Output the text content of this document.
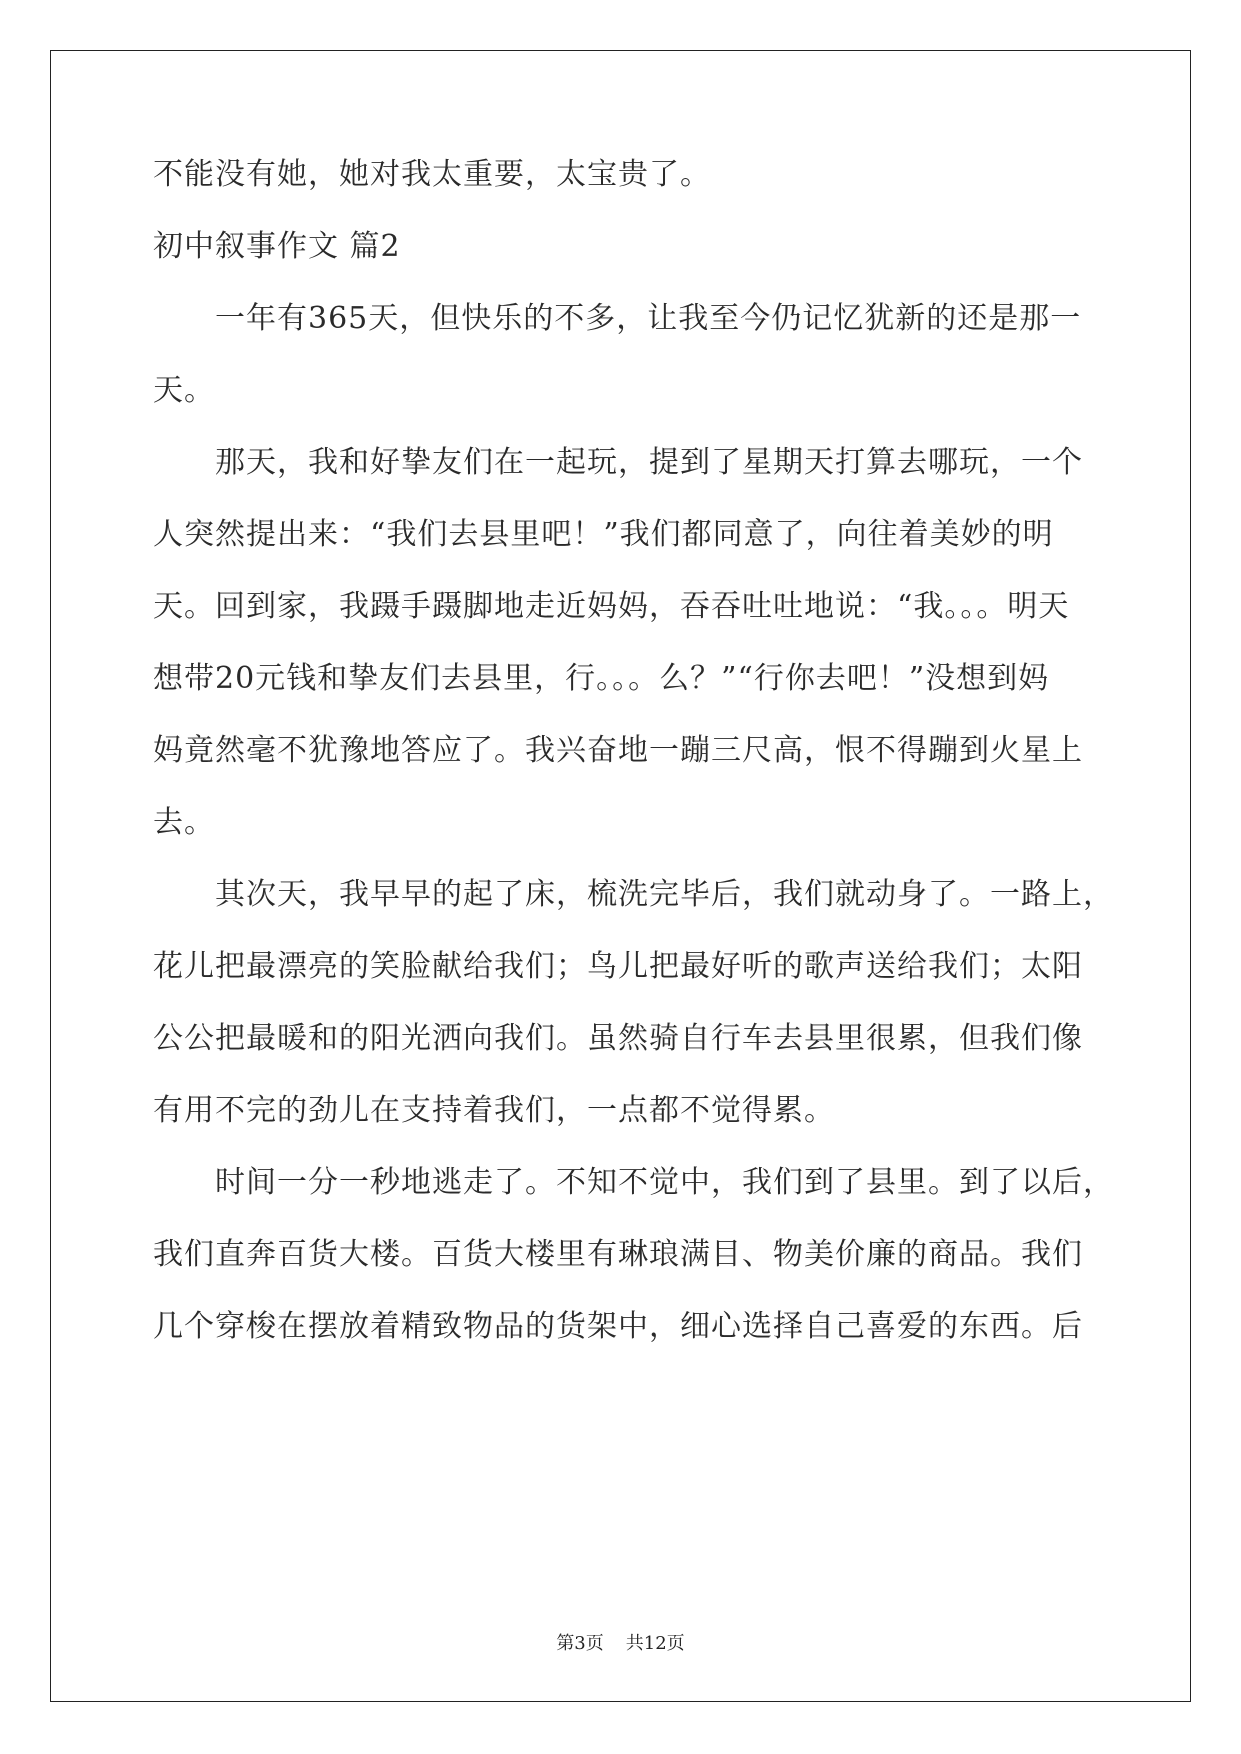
不能没有她，她对我太重要，太宝贵了。

初中叙事作文 篇2

一年有365天，但快乐的不多，让我至今仍记忆犹新的还是那一

天。

那天，我和好挚友们在一起玩，提到了星期天打算去哪玩，一个

人突然提出来：“我们去县里吧！”我们都同意了，向往着美妙的明

天。回到家，我蹑手蹑脚地走近妈妈，吞吞吐吐地说：“我。。。明天

想带20元钱和挚友们去县里，行。。。么？”“行你去吧！”没想到妈

妈竟然毫不犹豫地答应了。我兴奋地一蹦三尺高，恨不得蹦到火星上

去。

其次天，我早早的起了床，梳洗完毕后，我们就动身了。一路上，

花儿把最漂亮的笑脸献给我们；鸟儿把最好听的歌声送给我们；太阳

公公把最暖和的阳光洒向我们。虽然骑自行车去县里很累，但我们像

有用不完的劲儿在支持着我们，一点都不觉得累。

时间一分一秒地逃走了。不知不觉中，我们到了县里。到了以后，

我们直奔百货大楼。百货大楼里有琳琅满目、物美价廉的商品。我们

几个穿梭在摆放着精致物品的货架中，细心选择自己喜爱的东西。后

第3页 共12页
